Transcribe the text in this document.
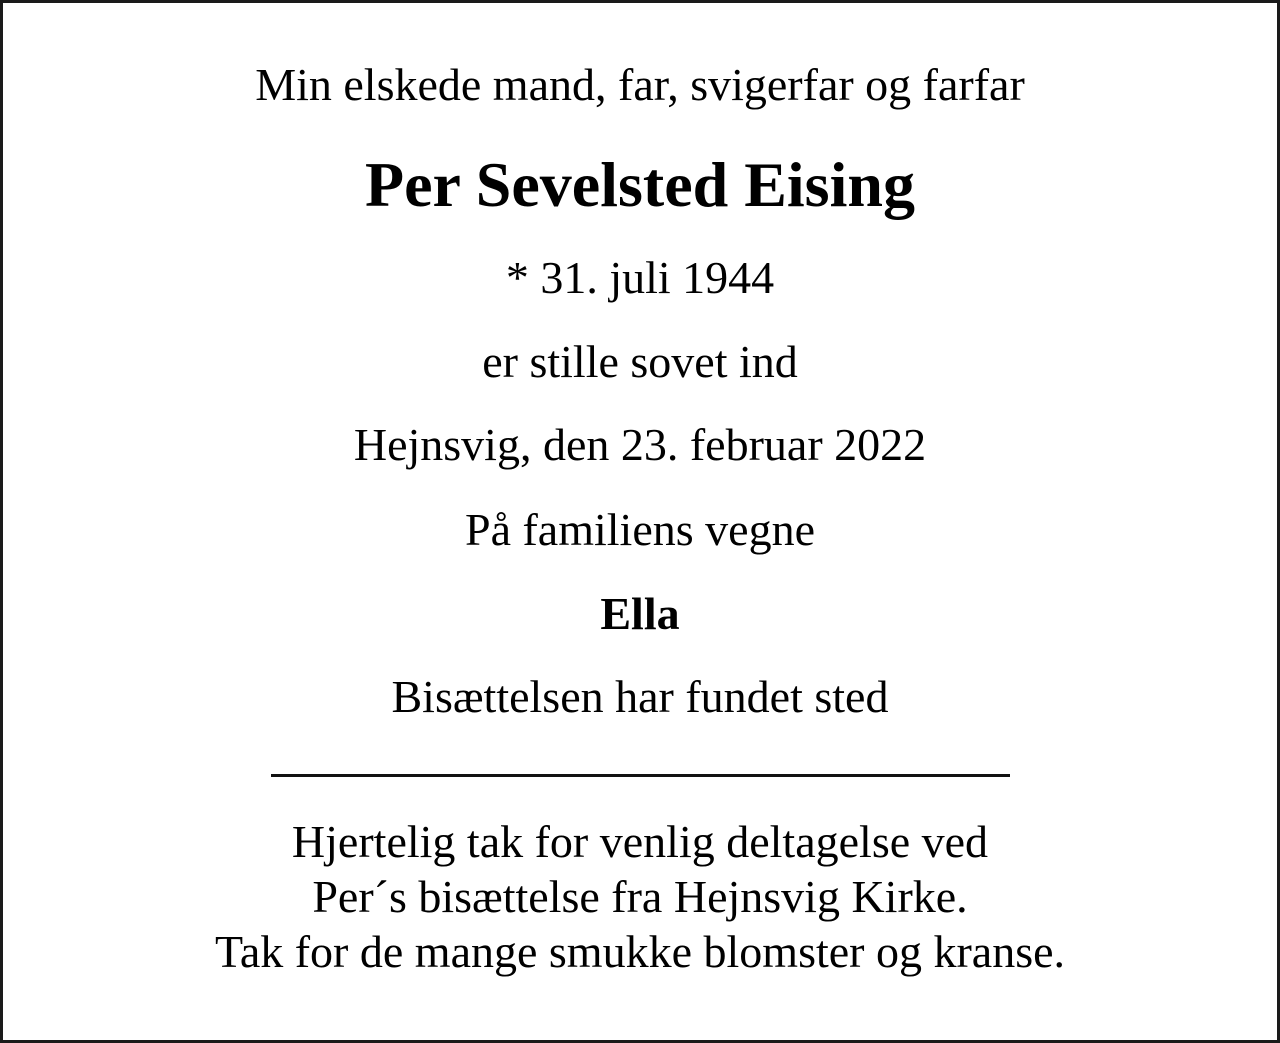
Min elskede mand, far, svigerfar og farfar
Per Sevelsted Eising
* 31. juli 1944
er stille sovet ind
Hejnsvig, den 23. februar 2022
På familiens vegne
Ella
Bisættelsen har fundet sted
Hjertelig tak for venlig deltagelse ved
Per´s bisættelse fra Hejnsvig Kirke.
Tak for de mange smukke blomster og kranse.
